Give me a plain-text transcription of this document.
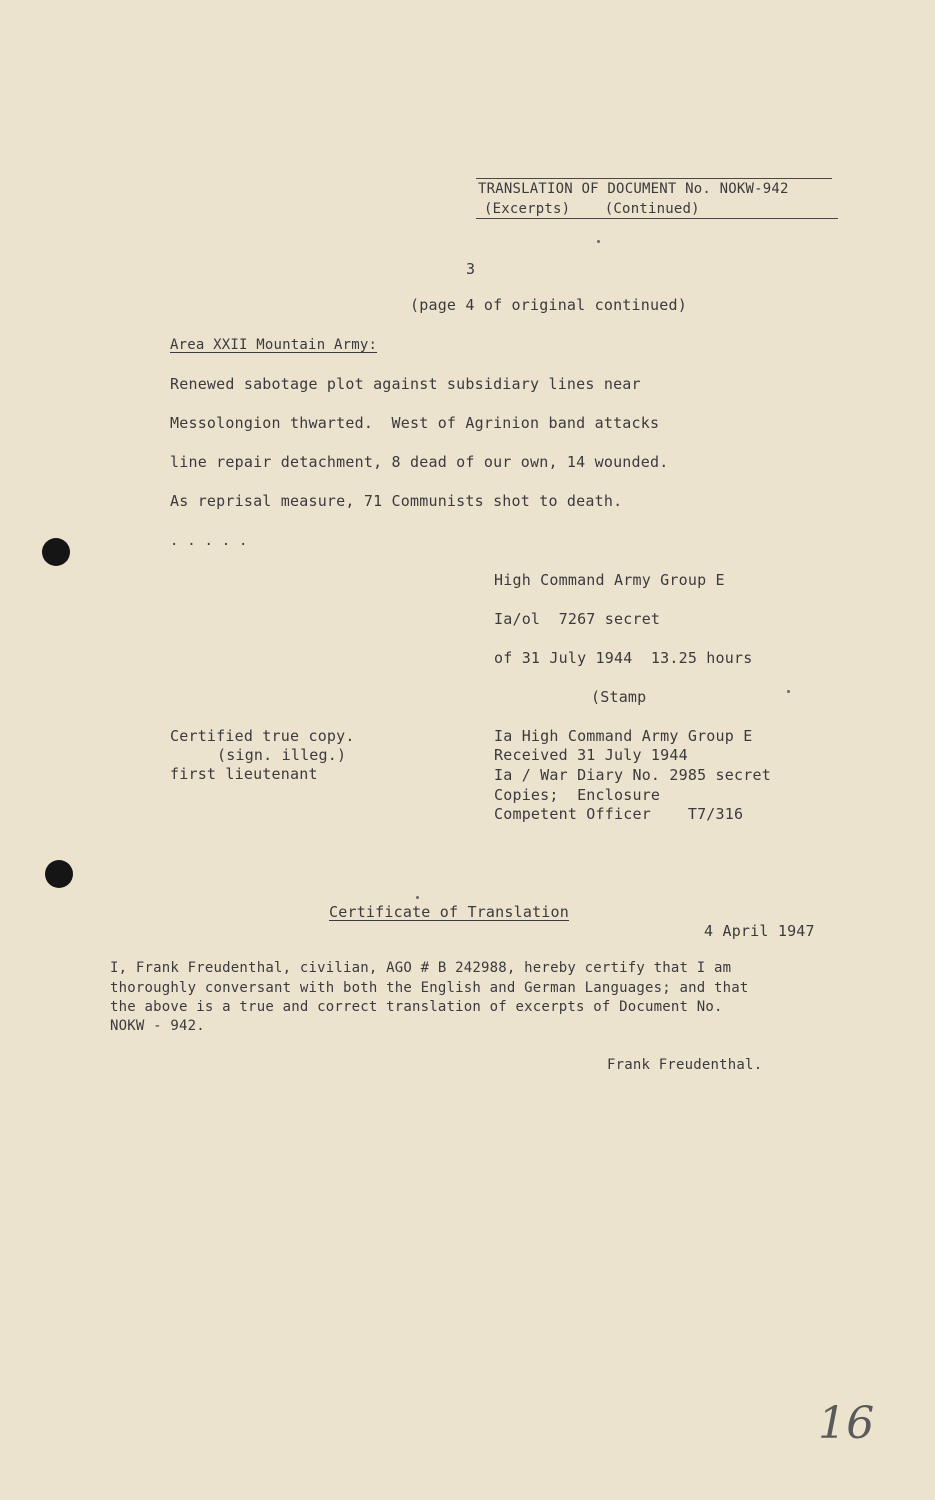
TRANSLATION OF DOCUMENT No. NOKW-942
(Excerpts)    (Continued)
3
(page 4 of original continued)
Area XXII Mountain Army:
Renewed sabotage plot against subsidiary lines near
Messolongion thwarted.  West of Agrinion band attacks
line repair detachment, 8 dead of our own, 14 wounded.
As reprisal measure, 71 Communists shot to death.
. . . . .
High Command Army Group E
Ia/ol  7267 secret
of 31 July 1944  13.25 hours
(Stamp
Certified true copy.
(sign. illeg.)
first lieutenant
Ia High Command Army Group E
Received 31 July 1944
Ia / War Diary No. 2985 secret
Copies;  Enclosure
Competent Officer    T7/316
Certificate of Translation
4 April 1947
I, Frank Freudenthal, civilian, AGO # B 242988, hereby certify that I am
thoroughly conversant with both the English and German Languages; and that
the above is a true and correct translation of excerpts of Document No.
NOKW - 942.
Frank Freudenthal.
16
